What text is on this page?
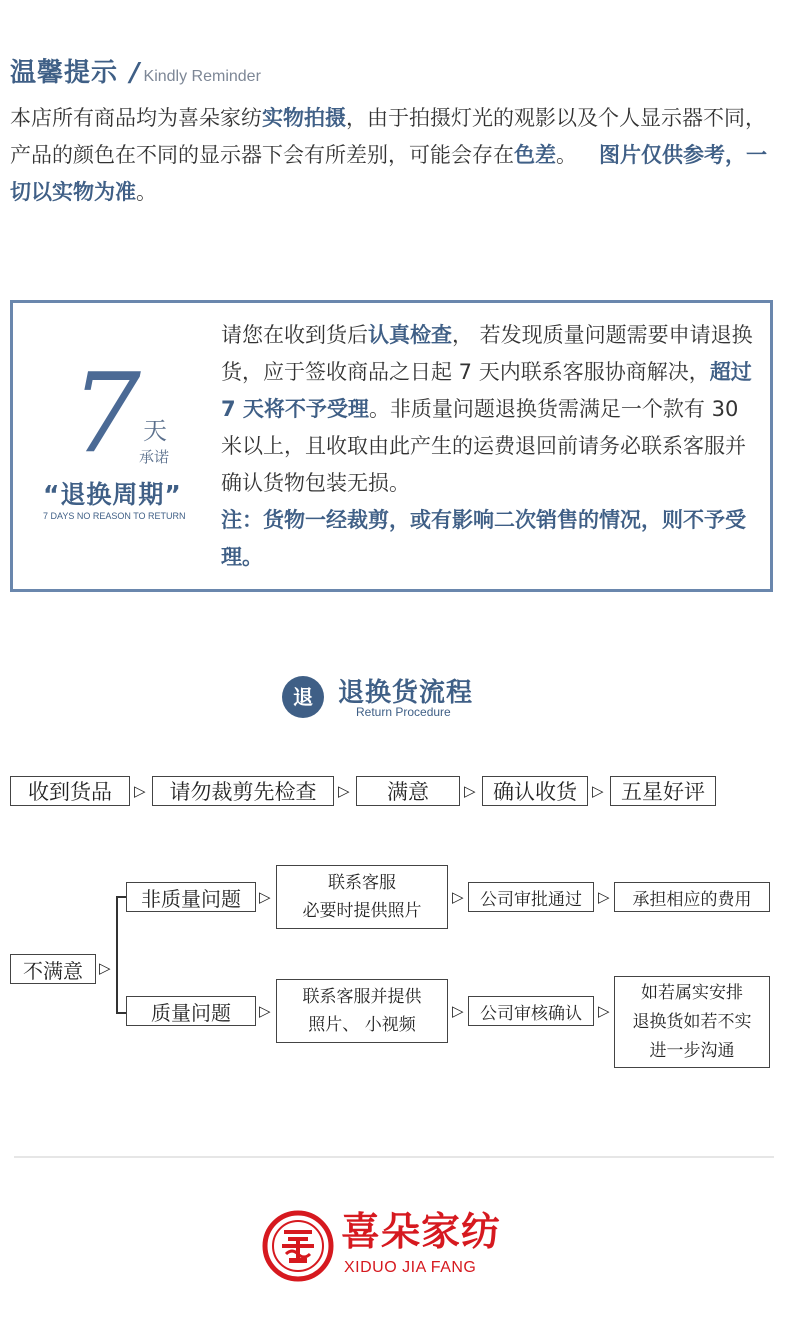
温馨提示 / Kindly Reminder
本店所有商品均为喜朵家纺实物拍摄，由于拍摄灯光的观影以及个人显示器不同，产品的颜色在不同的显示器下会有所差别，可能会存在色差。 图片仅供参考，一切以实物为准。
7 天
承诺
“退换周期”
7 DAYS NO REASON TO RETURN
请您在收到货后认真检查， 若发现质量问题需要申请退换货，应于签收商品之日起 7 天内联系客服协商解决，超过 7 天将不予受理。非质量问题退换货需满足一个款有 30 米以上，且收取由此产生的运费退回前请务必联系客服并确认货物包装无损。
注：货物一经裁剪，或有影响二次销售的情况，则不予受理。
退 退换货流程
Return Procedure
收到货品	▷	请勿裁剪先检查	▷	满意	▷ 确认收货	▷ 五星好评
不满意	▷
非质量问题	▷
联系客服
必要时提供照片
▷ 公司审批通过	▷	承担相应的费用
质量问题	▷
联系客服并提供
照片、 小视频
▷ 公司审核确认	▷
如若属实安排
退换货如若不实
进一步沟通
喜朵家纺
XIDUO JIA FANG
